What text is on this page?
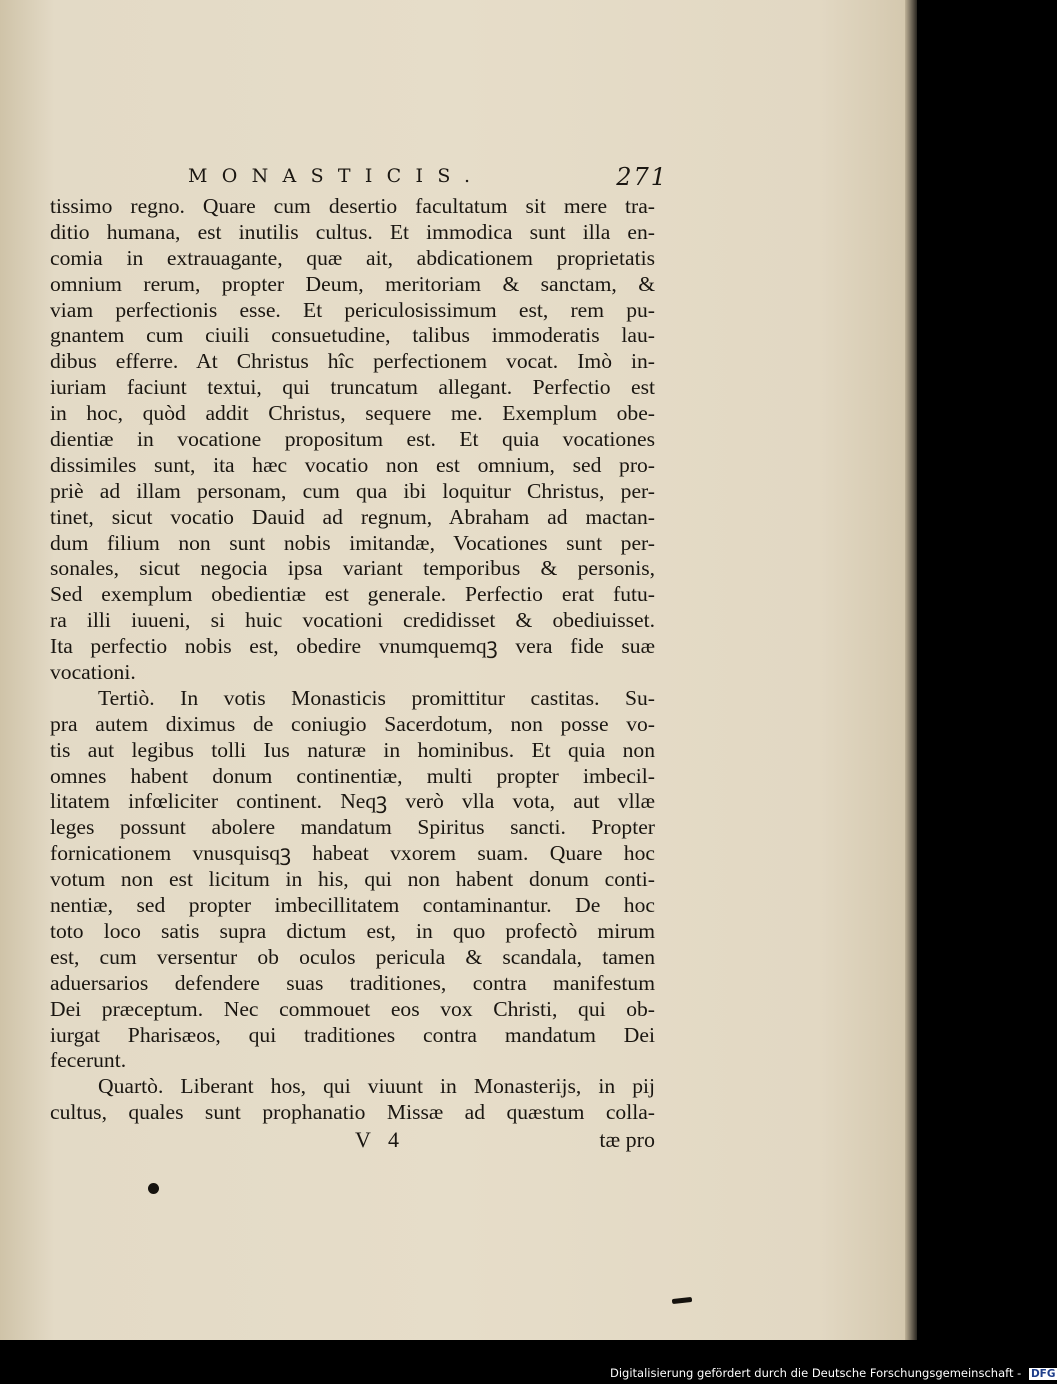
MONASTICIS.	271
tissimo regno. Quare cum desertio facultatum sit mere tra-
ditio humana, est inutilis cultus. Et immodica sunt illa en-
comia in extrauagante, quæ ait, abdicationem proprietatis
omnium rerum, propter Deum, meritoriam & sanctam, &
viam perfectionis esse. Et periculosissimum est, rem pu-
gnantem cum ciuili consuetudine, talibus immoderatis lau-
dibus efferre. At Christus hîc perfectionem vocat. Imò in-
iuriam faciunt textui, qui truncatum allegant. Perfectio est
in hoc, quòd addit Christus, sequere me. Exemplum obe-
dientiæ in vocatione propositum est. Et quia vocationes
dissimiles sunt, ita hæc vocatio non est omnium, sed pro-
priè ad illam personam, cum qua ibi loquitur Christus, per-
tinet, sicut vocatio Dauid ad regnum, Abraham ad mactan-
dum filium non sunt nobis imitandæ, Vocationes sunt per-
sonales, sicut negocia ipsa variant temporibus & personis,
Sed exemplum obedientiæ est generale. Perfectio erat futu-
ra illi iuueni, si huic vocationi credidisset & obediuisset.
Ita perfectio nobis est, obedire vnumquemqꝫ vera fide suæ
vocationi.
Tertiò. In votis Monasticis promittitur castitas. Su-
pra autem diximus de coniugio Sacerdotum, non posse vo-
tis aut legibus tolli Ius naturæ in hominibus. Et quia non
omnes habent donum continentiæ, multi propter imbecil-
litatem infœliciter continent. Neqꝫ verò vlla vota, aut vllæ
leges possunt abolere mandatum Spiritus sancti. Propter
fornicationem vnusquisqꝫ habeat vxorem suam. Quare hoc
votum non est licitum in his, qui non habent donum conti-
nentiæ, sed propter imbecillitatem contaminantur. De hoc
toto loco satis supra dictum est, in quo profectò mirum
est, cum versentur ob oculos pericula & scandala, tamen
aduersarios defendere suas traditiones, contra manifestum
Dei præceptum. Nec commouet eos vox Christi, qui ob-
iurgat Pharisæos, qui traditiones contra mandatum Dei
fecerunt.
Quartò. Liberant hos, qui viuunt in Monasterijs, in pij
cultus, quales sunt prophanatio Missæ ad quæstum colla-
V 4	tæ pro
Digitalisierung gefördert durch die Deutsche Forschungsgemeinschaft - DFG
